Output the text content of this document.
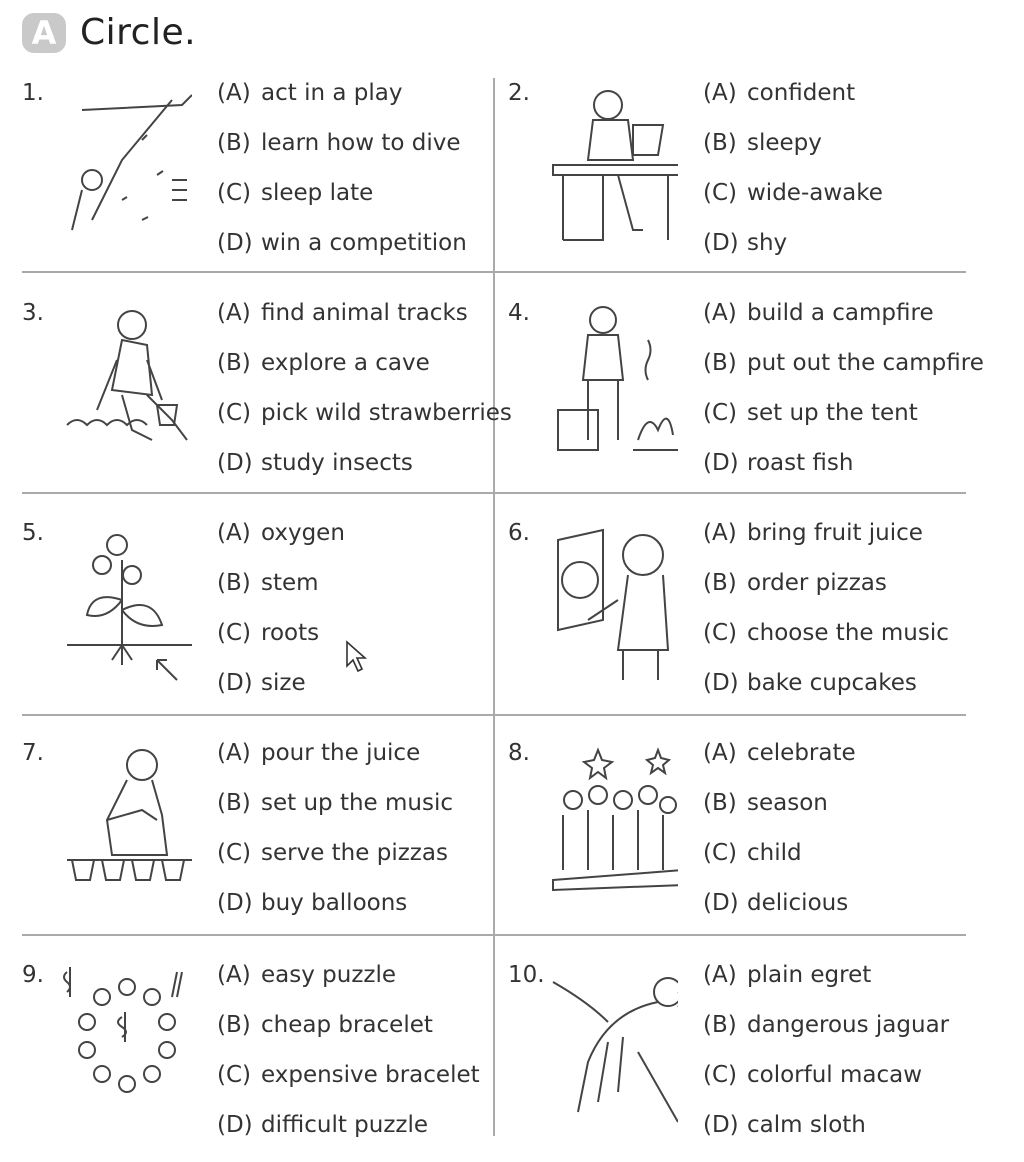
A Circle.
1.	(A) act in a play
(B) learn how to dive
(C) sleep late
(D) win a competition
2.	(A) confident
(B) sleepy
(C) wide-awake
(D) shy
3.	(A) find animal tracks
(B) explore a cave
(C) pick wild strawberries
(D) study insects
4.	(A) build a campfire
(B) put out the campfire
(C) set up the tent
(D) roast fish
5.	(A) oxygen
(B) stem
(C) roots
(D) size
6.	(A) bring fruit juice
(B) order pizzas
(C) choose the music
(D) bake cupcakes
7.	(A) pour the juice
(B) set up the music
(C) serve the pizzas
(D) buy balloons
8.	(A) celebrate
(B) season
(C) child
(D) delicious
9.	(A) easy puzzle
(B) cheap bracelet
(C) expensive bracelet
(D) difficult puzzle
10.	(A) plain egret
(B) dangerous jaguar
(C) colorful macaw
(D) calm sloth
